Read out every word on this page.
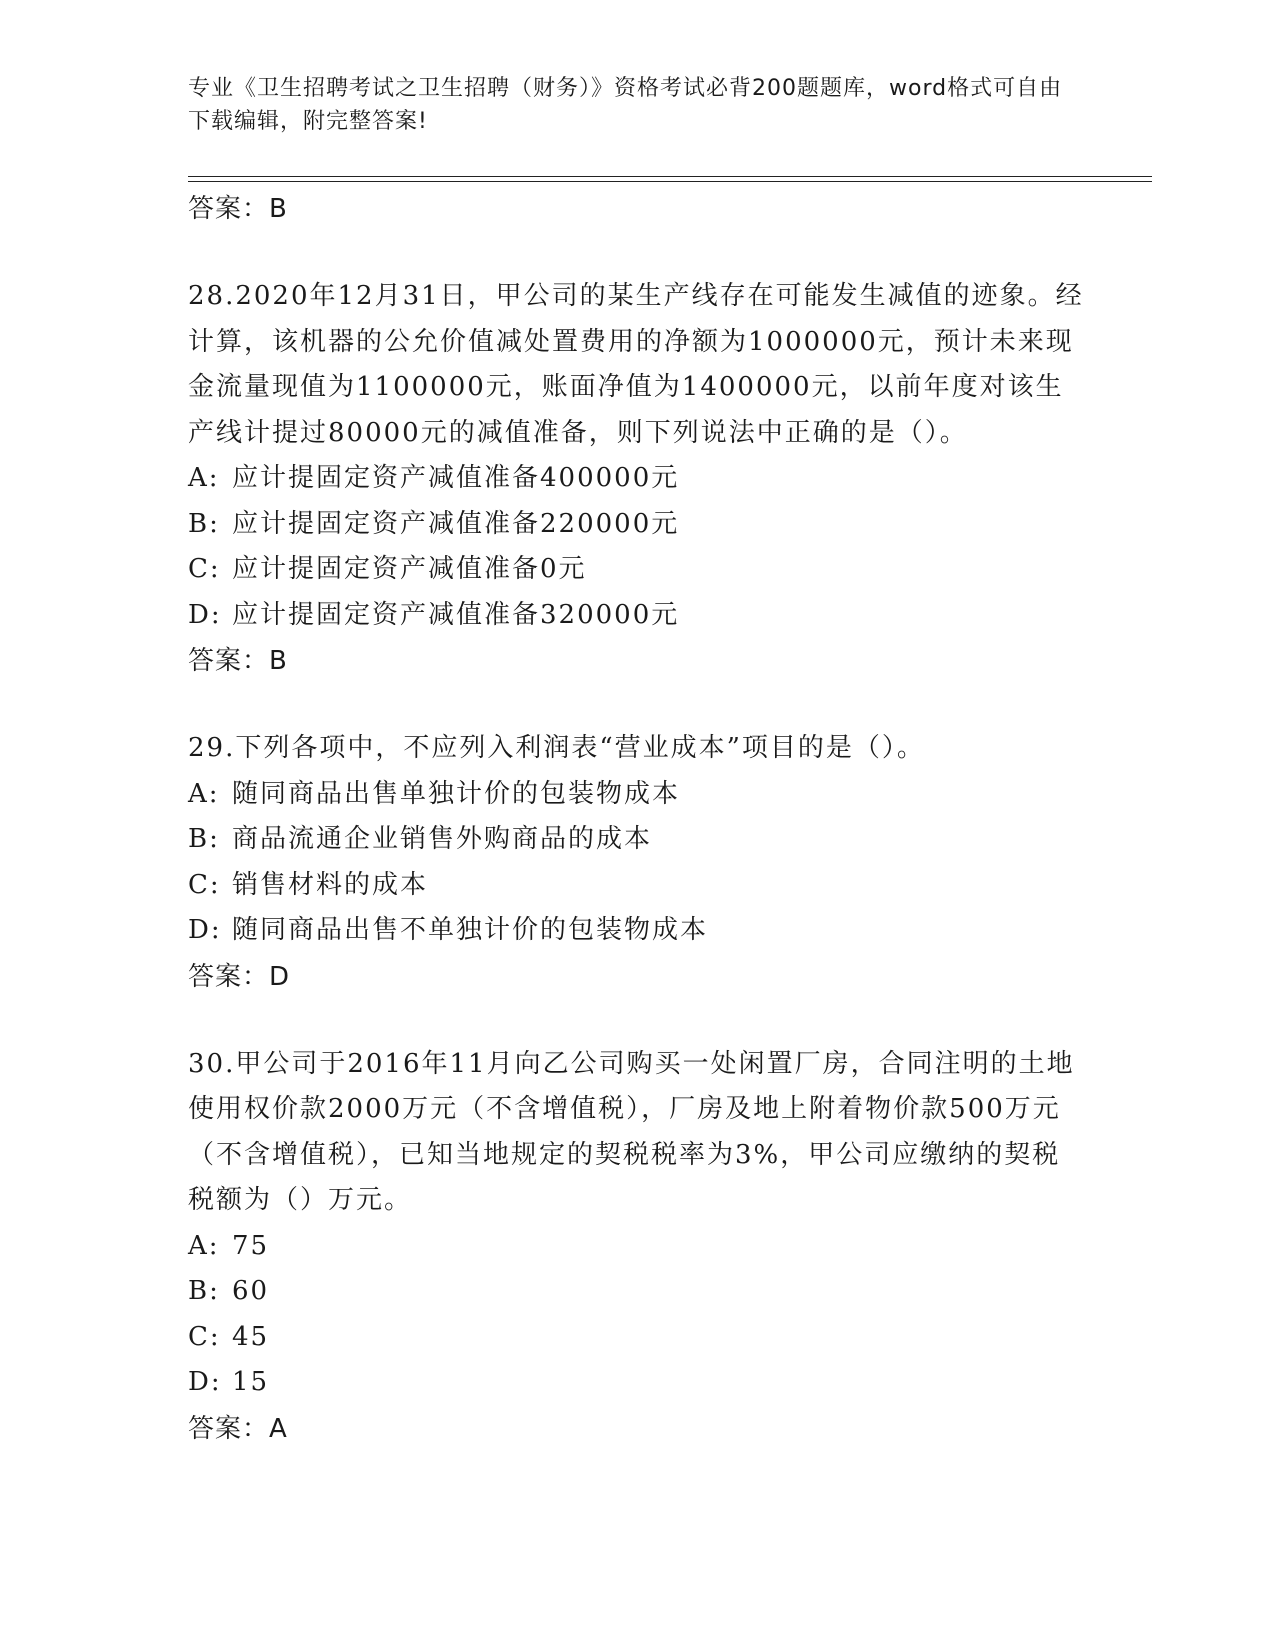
专业《卫生招聘考试之卫生招聘（财务）》资格考试必背200题题库，word格式可自由下载编辑，附完整答案!
答案：B
28.2020年12月31日，甲公司的某生产线存在可能发生减值的迹象。经计算，该机器的公允价值减处置费用的净额为1000000元，预计未来现金流量现值为1100000元，账面净值为1400000元，以前年度对该生产线计提过80000元的减值准备，则下列说法中正确的是（）。
A: 应计提固定资产减值准备400000元
B: 应计提固定资产减值准备220000元
C: 应计提固定资产减值准备0元
D: 应计提固定资产减值准备320000元
答案：B
29.下列各项中，不应列入利润表“营业成本”项目的是（）。
A: 随同商品出售单独计价的包装物成本
B: 商品流通企业销售外购商品的成本
C: 销售材料的成本
D: 随同商品出售不单独计价的包装物成本
答案：D
30.甲公司于2016年11月向乙公司购买一处闲置厂房，合同注明的土地使用权价款2000万元（不含增值税），厂房及地上附着物价款500万元（不含增值税），已知当地规定的契税税率为3%，甲公司应缴纳的契税税额为（）万元。
A: 75
B: 60
C: 45
D: 15
答案：A
